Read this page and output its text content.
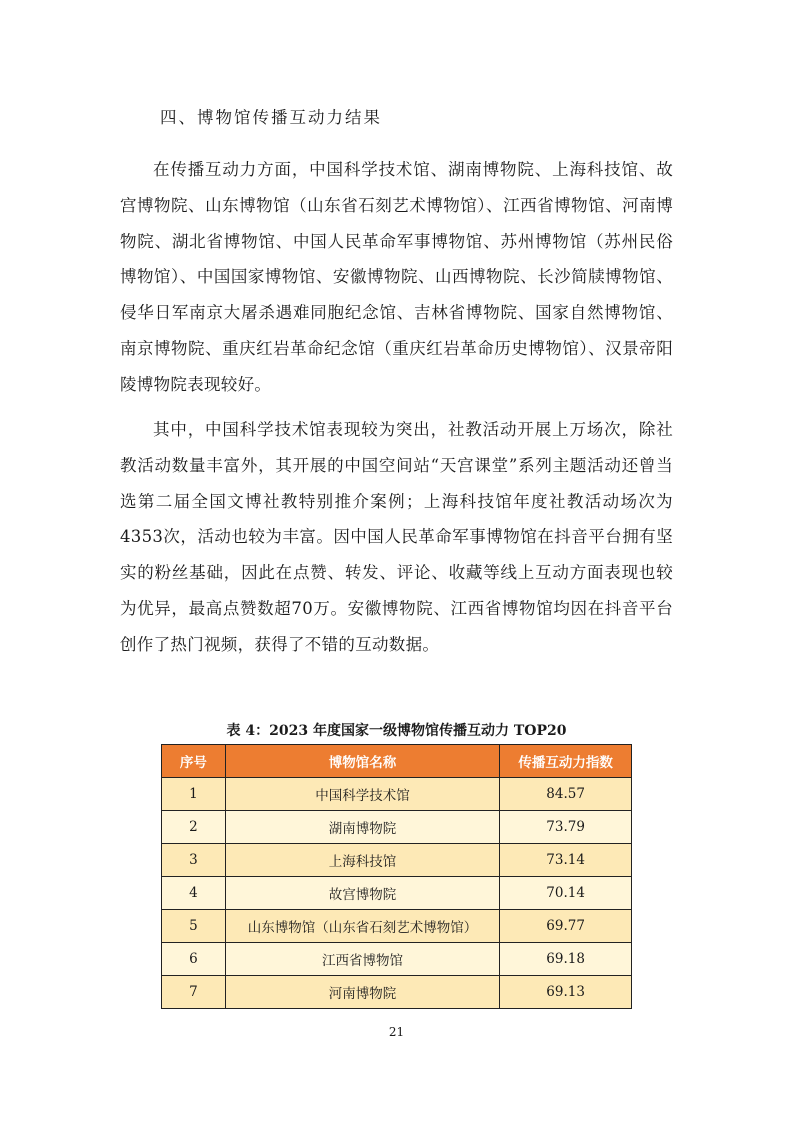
四、博物馆传播互动力结果

在传播互动力方面，中国科学技术馆、湖南博物院、上海科技馆、故宫博物院、山东博物馆（山东省石刻艺术博物馆）、江西省博物馆、河南博物院、湖北省博物馆、中国人民革命军事博物馆、苏州博物馆（苏州民俗博物馆）、中国国家博物馆、安徽博物院、山西博物院、长沙简牍博物馆、侵华日军南京大屠杀遇难同胞纪念馆、吉林省博物院、国家自然博物馆、南京博物院、重庆红岩革命纪念馆（重庆红岩革命历史博物馆）、汉景帝阳陵博物院表现较好。

其中，中国科学技术馆表现较为突出，社教活动开展上万场次，除社教活动数量丰富外，其开展的中国空间站“天宫课堂”系列主题活动还曾当选第二届全国文博社教特别推介案例；上海科技馆年度社教活动场次为4353次，活动也较为丰富。因中国人民革命军事博物馆在抖音平台拥有坚实的粉丝基础，因此在点赞、转发、评论、收藏等线上互动方面表现也较为优异，最高点赞数超70万。安徽博物院、江西省博物馆均因在抖音平台创作了热门视频，获得了不错的互动数据。

表 4：2023 年度国家一级博物馆传播互动力 TOP20
序号	博物馆名称	传播互动力指数
1	中国科学技术馆	84.57
2	湖南博物院	73.79
3	上海科技馆	73.14
4	故宫博物院	70.14
5	山东博物馆（山东省石刻艺术博物馆）	69.77
6	江西省博物馆	69.18
7	河南博物院	69.13
21
